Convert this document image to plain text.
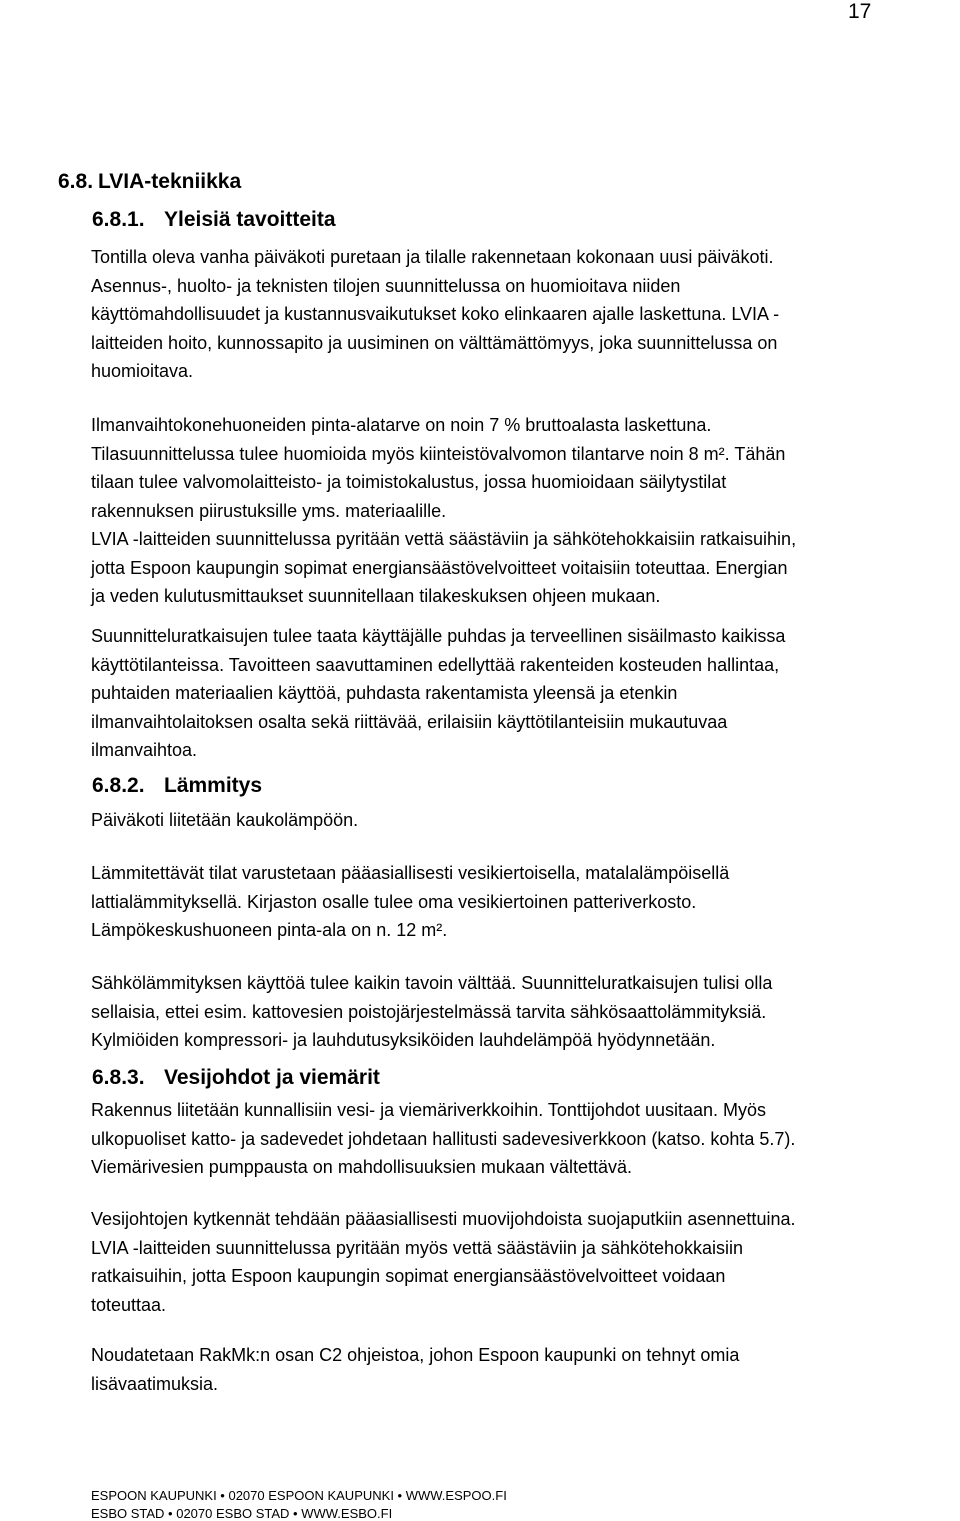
17
6.8. LVIA-tekniikka
6.8.1. Yleisiä tavoitteita
Tontilla oleva vanha päiväkoti puretaan ja tilalle rakennetaan kokonaan uusi päiväkoti.
Asennus-, huolto- ja teknisten tilojen suunnittelussa on huomioitava niiden
käyttömahdollisuudet ja kustannusvaikutukset koko elinkaaren ajalle laskettuna. LVIA -
laitteiden hoito, kunnossapito ja uusiminen on välttämättömyys, joka suunnittelussa on
huomioitava.
Ilmanvaihtokonehuoneiden pinta-alatarve on noin 7 % bruttoalasta laskettuna.
Tilasuunnittelussa tulee huomioida myös kiinteistövalvomon tilantarve noin 8 m². Tähän
tilaan tulee valvomolaitteisto- ja toimistokalustus, jossa huomioidaan säilytystilat
rakennuksen piirustuksille yms. materiaalille.
LVIA -laitteiden suunnittelussa pyritään vettä säästäviin ja sähkötehokkaisiin ratkaisuihin,
jotta Espoon kaupungin sopimat energiansäästövelvoitteet voitaisiin toteuttaa. Energian
ja veden kulutusmittaukset suunnitellaan tilakeskuksen ohjeen mukaan.
Suunnitteluratkaisujen tulee taata käyttäjälle puhdas ja terveellinen sisäilmasto kaikissa
käyttötilanteissa. Tavoitteen saavuttaminen edellyttää rakenteiden kosteuden hallintaa,
puhtaiden materiaalien käyttöä, puhdasta rakentamista yleensä ja etenkin
ilmanvaihtolaitoksen osalta sekä riittävää, erilaisiin käyttötilanteisiin mukautuvaa
ilmanvaihtoa.
6.8.2. Lämmitys
Päiväkoti liitetään kaukolämpöön.
Lämmitettävät tilat varustetaan pääasiallisesti vesikiertoisella, matalalämpöisellä
lattialämmityksellä. Kirjaston osalle tulee oma vesikiertoinen patteriverkosto.
Lämpökeskushuoneen pinta-ala on n. 12 m².
Sähkölämmityksen käyttöä tulee kaikin tavoin välttää. Suunnitteluratkaisujen tulisi olla
sellaisia, ettei esim. kattovesien poistojärjestelmässä tarvita sähkösaattolämmityksiä.
Kylmiöiden kompressori- ja lauhdutusyksiköiden lauhdelämpöä hyödynnetään.
6.8.3. Vesijohdot ja viemärit
Rakennus liitetään kunnallisiin vesi- ja viemäriverkkoihin. Tonttijohdot uusitaan. Myös
ulkopuoliset katto- ja sadevedet johdetaan hallitusti sadevesiverkkoon (katso. kohta 5.7).
Viemärivesien pumppausta on mahdollisuuksien mukaan vältettävä.
Vesijohtojen kytkennät tehdään pääasiallisesti muovijohdoista suojaputkiin asennettuina.
LVIA -laitteiden suunnittelussa pyritään myös vettä säästäviin ja sähkötehokkaisiin
ratkaisuihin, jotta Espoon kaupungin sopimat energiansäästövelvoitteet voidaan
toteuttaa.
Noudatetaan RakMk:n osan C2 ohjeistoa, johon Espoon kaupunki on tehnyt omia
lisävaatimuksia.
ESPOON KAUPUNKI • 02070 ESPOON KAUPUNKI • WWW.ESPOO.FI
ESBO STAD • 02070 ESBO STAD • WWW.ESBO.FI
